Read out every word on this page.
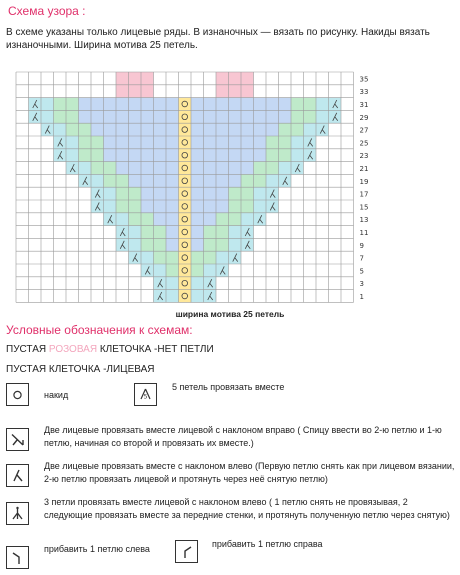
Схема узора :
В схеме указаны только лицевые ряды. В изнаночных — вязать по рисунку. Накиды вязать изнаночными. Ширина мотива 25 петель.
35
33
31
29
27
25
23
21
19
17
15
13
11
9
7
5
3
1
ширина мотива 25 петель
Условные обозначения к схемам:
ПУСТАЯ РОЗОВАЯ КЛЕТОЧКА -НЕТ ПЕТЛИ
ПУСТАЯ КЛЕТОЧКА -ЛИЦЕВАЯ
накид	5
5 петель провязать вместе
Две лицевые провязать вместе лицевой с наклоном вправо ( Спицу ввести во 2-ю петлю и 1-ю петлю, начиная со второй и провязать их вместе.)
Две лицевые провязать вместе с наклоном влево (Первую петлю снять как при лицевом вязании, 2-ю петлю провязать лицевой и протянуть через неё снятую петлю)
3 петли провязать вместе лицевой с наклоном влево ( 1 петлю снять не провязывая, 2 следующие провязать вместе за передние стенки, и протянуть полученную петлю через снятую)
прибавить 1 петлю слева	прибавить 1 петлю справа
